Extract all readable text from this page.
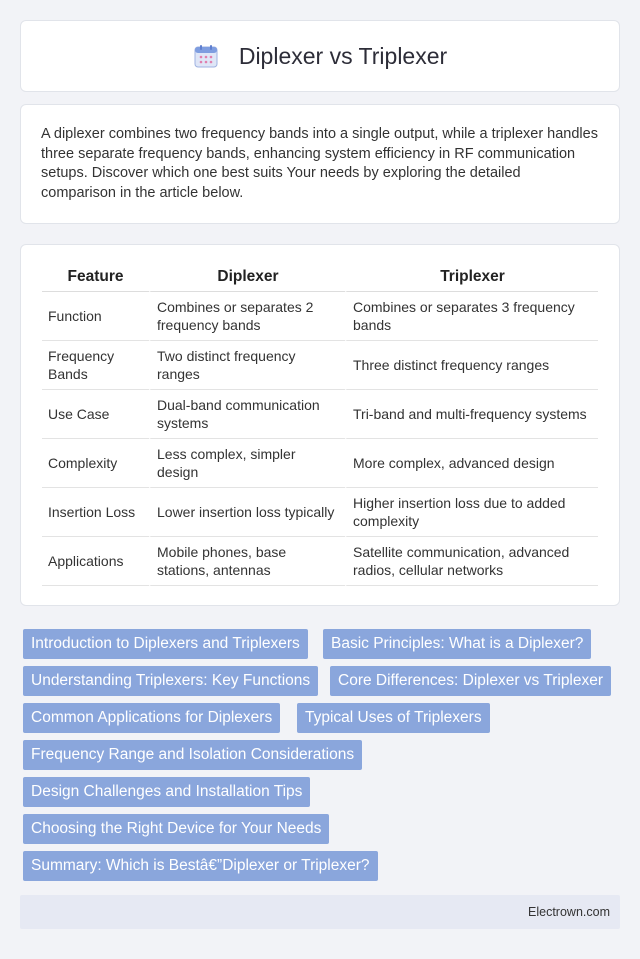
Diplexer vs Triplexer

A diplexer combines two frequency bands into a single output, while a triplexer handles three separate frequency bands, enhancing system efficiency in RF communication setups. Discover which one best suits Your needs by exploring the detailed comparison in the article below.

Feature	Diplexer	Triplexer
Function	Combines or separates 2 frequency bands	Combines or separates 3 frequency bands
Frequency Bands	Two distinct frequency ranges	Three distinct frequency ranges
Use Case	Dual-band communication systems	Tri-band and multi-frequency systems
Complexity	Less complex, simpler design	More complex, advanced design
Insertion Loss	Lower insertion loss typically	Higher insertion loss due to added complexity
Applications	Mobile phones, base stations, antennas	Satellite communication, advanced radios, cellular networks
Introduction to Diplexers and Triplexers	Basic Principles: What is a Diplexer?
Understanding Triplexers: Key Functions	Core Differences: Diplexer vs Triplexer
Common Applications for Diplexers	Typical Uses of Triplexers
Frequency Range and Isolation Considerations
Design Challenges and Installation Tips
Choosing the Right Device for Your Needs
Summary: Which is Bestâ€”Diplexer or Triplexer?
Electrown.com
